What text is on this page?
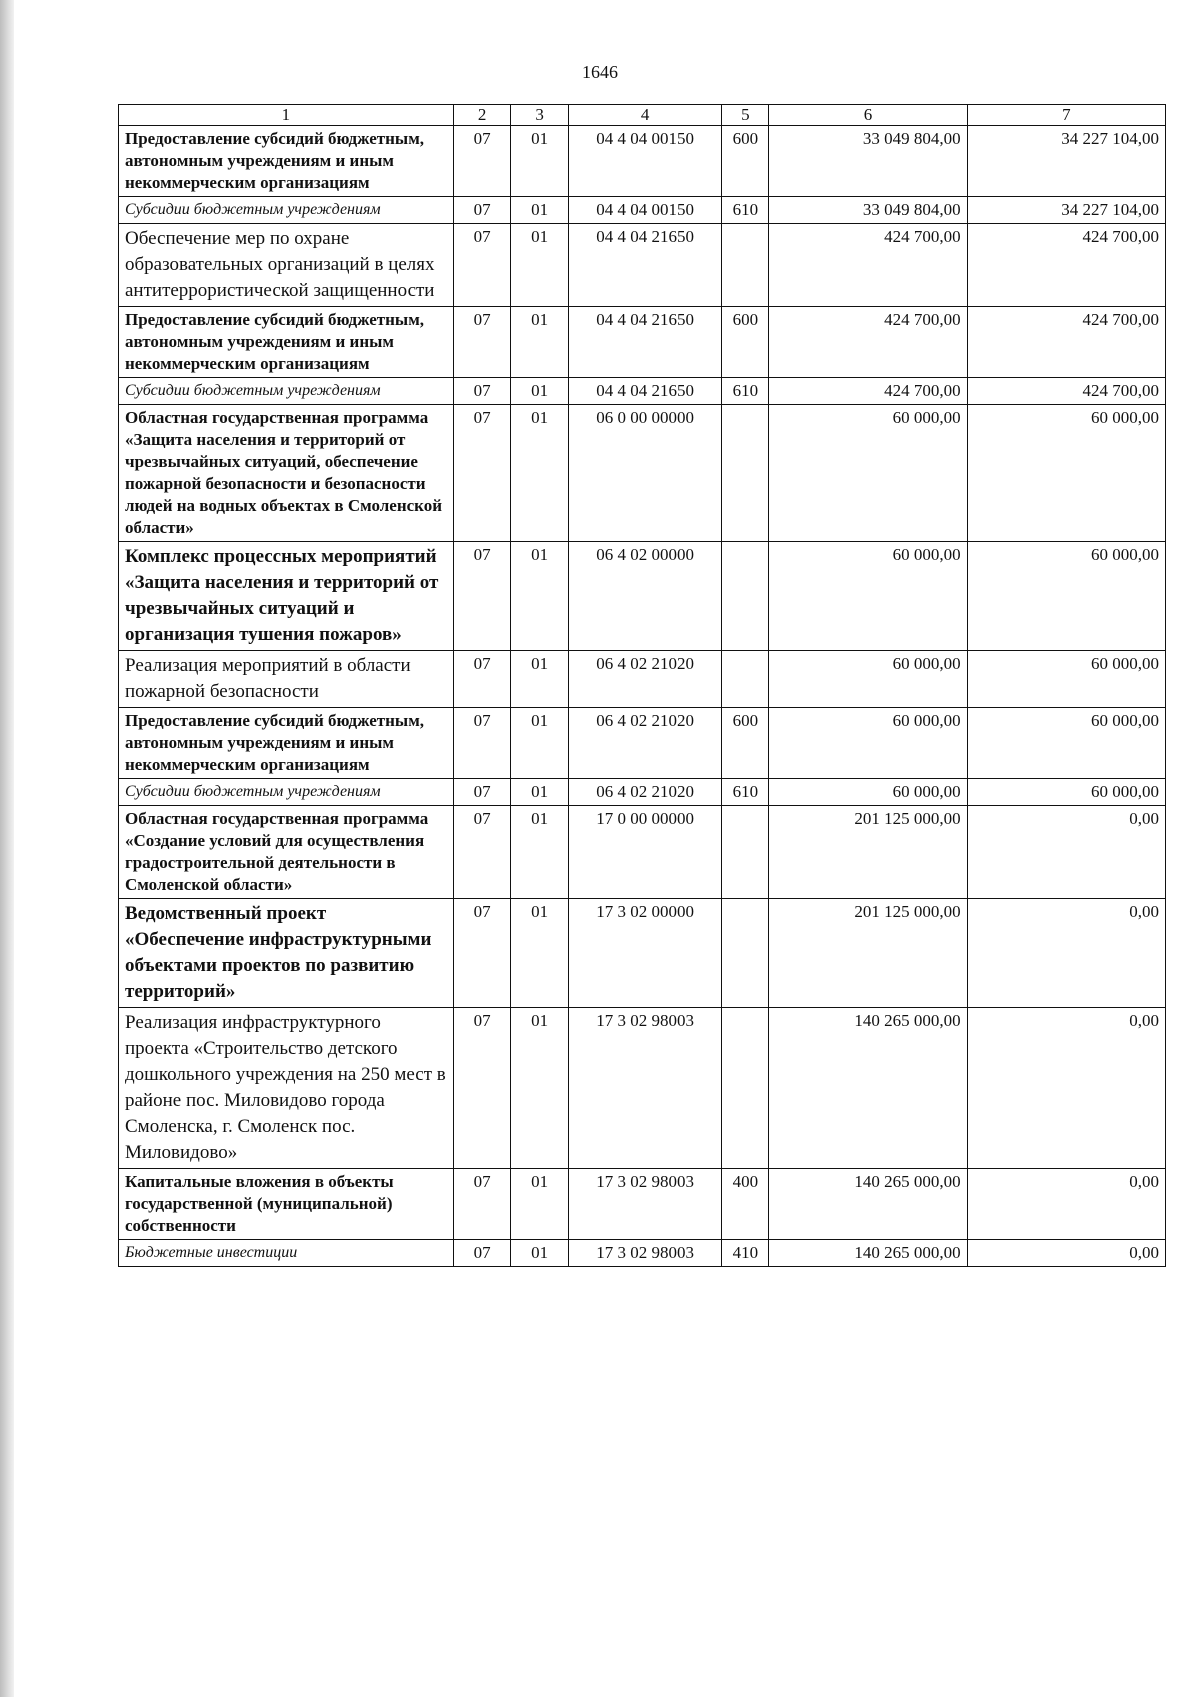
1646
1	2	3	4	5	6	7
Предоставление субсидий бюджетным, автономным учреждениям и иным некоммерческим организациям	07	01	04 4 04 00150	600	33 049 804,00	34 227 104,00
Субсидии бюджетным учреждениям	07	01	04 4 04 00150	610	33 049 804,00	34 227 104,00
Обеспечение мер по охране образовательных организаций в целях антитеррористической защищенности	07	01	04 4 04 21650		424 700,00	424 700,00
Предоставление субсидий бюджетным, автономным учреждениям и иным некоммерческим организациям	07	01	04 4 04 21650	600	424 700,00	424 700,00
Субсидии бюджетным учреждениям	07	01	04 4 04 21650	610	424 700,00	424 700,00
Областная государственная программа «Защита населения и территорий от чрезвычайных ситуаций, обеспечение пожарной безопасности и безопасности людей на водных объектах в Смоленской области»	07	01	06 0 00 00000		60 000,00	60 000,00
Комплекс процессных мероприятий «Защита населения и территорий от чрезвычайных ситуаций и организация тушения пожаров»	07	01	06 4 02 00000		60 000,00	60 000,00
Реализация мероприятий в области пожарной безопасности	07	01	06 4 02 21020		60 000,00	60 000,00
Предоставление субсидий бюджетным, автономным учреждениям и иным некоммерческим организациям	07	01	06 4 02 21020	600	60 000,00	60 000,00
Субсидии бюджетным учреждениям	07	01	06 4 02 21020	610	60 000,00	60 000,00
Областная государственная программа «Создание условий для осуществления градостроительной деятельности в Смоленской области»	07	01	17 0 00 00000		201 125 000,00	0,00
Ведомственный проект «Обеспечение инфраструктурными объектами проектов по развитию территорий»	07	01	17 3 02 00000		201 125 000,00	0,00
Реализация инфраструктурного проекта «Строительство детского дошкольного учреждения на 250 мест в районе пос. Миловидово города Смоленска, г. Смоленск пос. Миловидово»	07	01	17 3 02 98003		140 265 000,00	0,00
Капитальные вложения в объекты государственной (муниципальной) собственности	07	01	17 3 02 98003	400	140 265 000,00	0,00
Бюджетные инвестиции	07	01	17 3 02 98003	410	140 265 000,00	0,00
